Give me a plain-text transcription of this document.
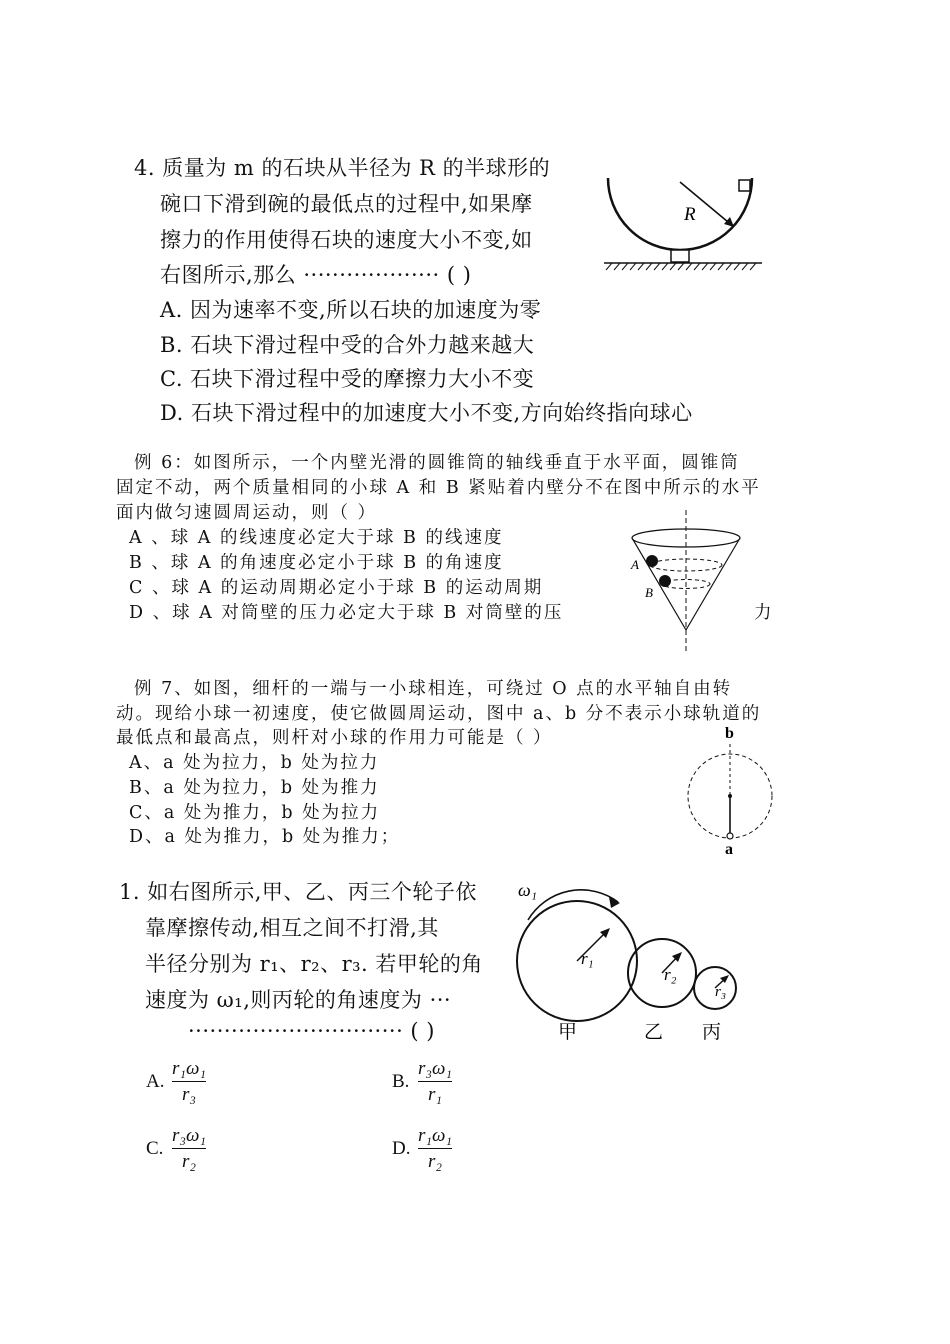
4. 质量为 m 的石块从半径为 R 的半球形的
碗口下滑到碗的最低点的过程中,如果摩
擦力的作用使得石块的速度大小不变,如
右图所示,那么 ··················· ( )
A. 因为速率不变,所以石块的加速度为零
B. 石块下滑过程中受的合外力越来越大
C. 石块下滑过程中受的摩擦力大小不变
D. 石块下滑过程中的加速度大小不变,方向始终指向球心
R
例 6：如图所示，一个内壁光滑的圆锥筒的轴线垂直于水平面，圆锥筒
固定不动，两个质量相同的小球 A 和 B 紧贴着内壁分不在图中所示的水平
面内做匀速圆周运动，则（ ）
A 、球 A 的线速度必定大于球 B 的线速度
B 、球 A 的角速度必定小于球 B 的角速度
C 、球 A 的运动周期必定小于球 B 的运动周期
D 、球 A 对筒壁的压力必定大于球 B 对筒壁的压	力
A
B
例 7、如图，细杆的一端与一小球相连，可绕过 O 点的水平轴自由转
动。现给小球一初速度，使它做圆周运动，图中 a、b 分不表示小球轨道的
最低点和最高点，则杆对小球的作用力可能是（ ）
A、a 处为拉力，b 处为拉力
B、a 处为拉力，b 处为推力
C、a 处为推力，b 处为拉力
D、a 处为推力，b 处为推力；
b
a
1. 如右图所示,甲、乙、丙三个轮子依
靠摩擦传动,相互之间不打滑,其
半径分别为 r₁、r₂、r₃. 若甲轮的角
速度为 ω₁,则丙轮的角速度为 ···
······························ ( )
A.
r₁ω₁
r₃
B.
r₃ω₁
r₁
C.
r₃ω₁
r₂
D.
r₁ω₁
r₂
ω₁
r₁
r₂
r₃
甲	乙 丙
